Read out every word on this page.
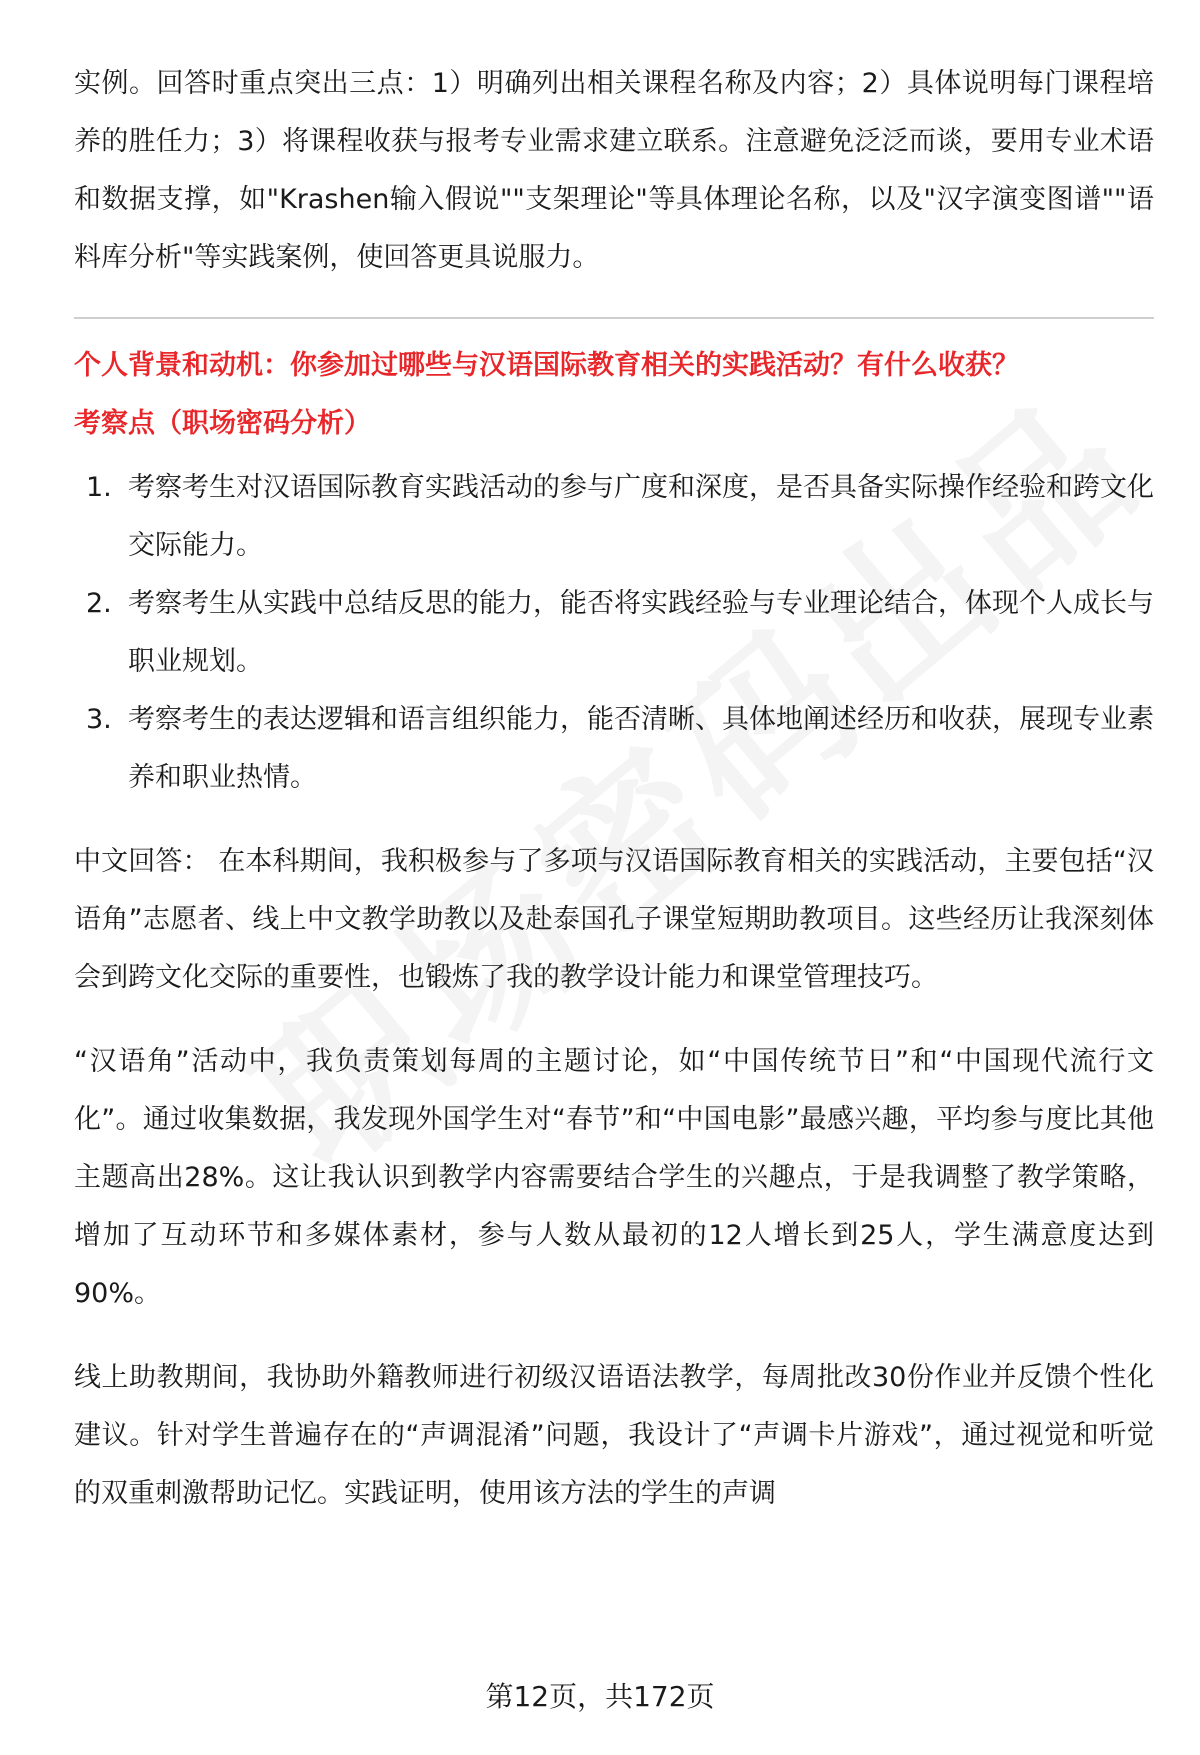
实例。回答时重点突出三点：1）明确列出相关课程名称及内容；2）具体说明每门课程培养的胜任力；3）将课程收获与报考专业需求建立联系。注意避免泛泛而谈，要用专业术语和数据支撑，如"Krashen输入假说""支架理论"等具体理论名称，以及"汉字演变图谱""语料库分析"等实践案例，使回答更具说服力。

个人背景和动机：你参加过哪些与汉语国际教育相关的实践活动？有什么收获？

考察点（职场密码分析）

1. 考察考生对汉语国际教育实践活动的参与广度和深度，是否具备实际操作经验和跨文化交际能力。
2. 考察考生从实践中总结反思的能力，能否将实践经验与专业理论结合，体现个人成长与职业规划。
3. 考察考生的表达逻辑和语言组织能力，能否清晰、具体地阐述经历和收获，展现专业素养和职业热情。

中文回答： 在本科期间，我积极参与了多项与汉语国际教育相关的实践活动，主要包括“汉语角”志愿者、线上中文教学助教以及赴泰国孔子课堂短期助教项目。这些经历让我深刻体会到跨文化交际的重要性，也锻炼了我的教学设计能力和课堂管理技巧。

“汉语角”活动中，我负责策划每周的主题讨论，如“中国传统节日”和“中国现代流行文化”。通过收集数据，我发现外国学生对“春节”和“中国电影”最感兴趣，平均参与度比其他主题高出28%。这让我认识到教学内容需要结合学生的兴趣点，于是我调整了教学策略，增加了互动环节和多媒体素材，参与人数从最初的12人增长到25人，学生满意度达到90%。

线上助教期间，我协助外籍教师进行初级汉语语法教学，每周批改30份作业并反馈个性化建议。针对学生普遍存在的“声调混淆”问题，我设计了“声调卡片游戏”，通过视觉和听觉的双重刺激帮助记忆。实践证明，使用该方法的学生的声调

第12页，共172页
